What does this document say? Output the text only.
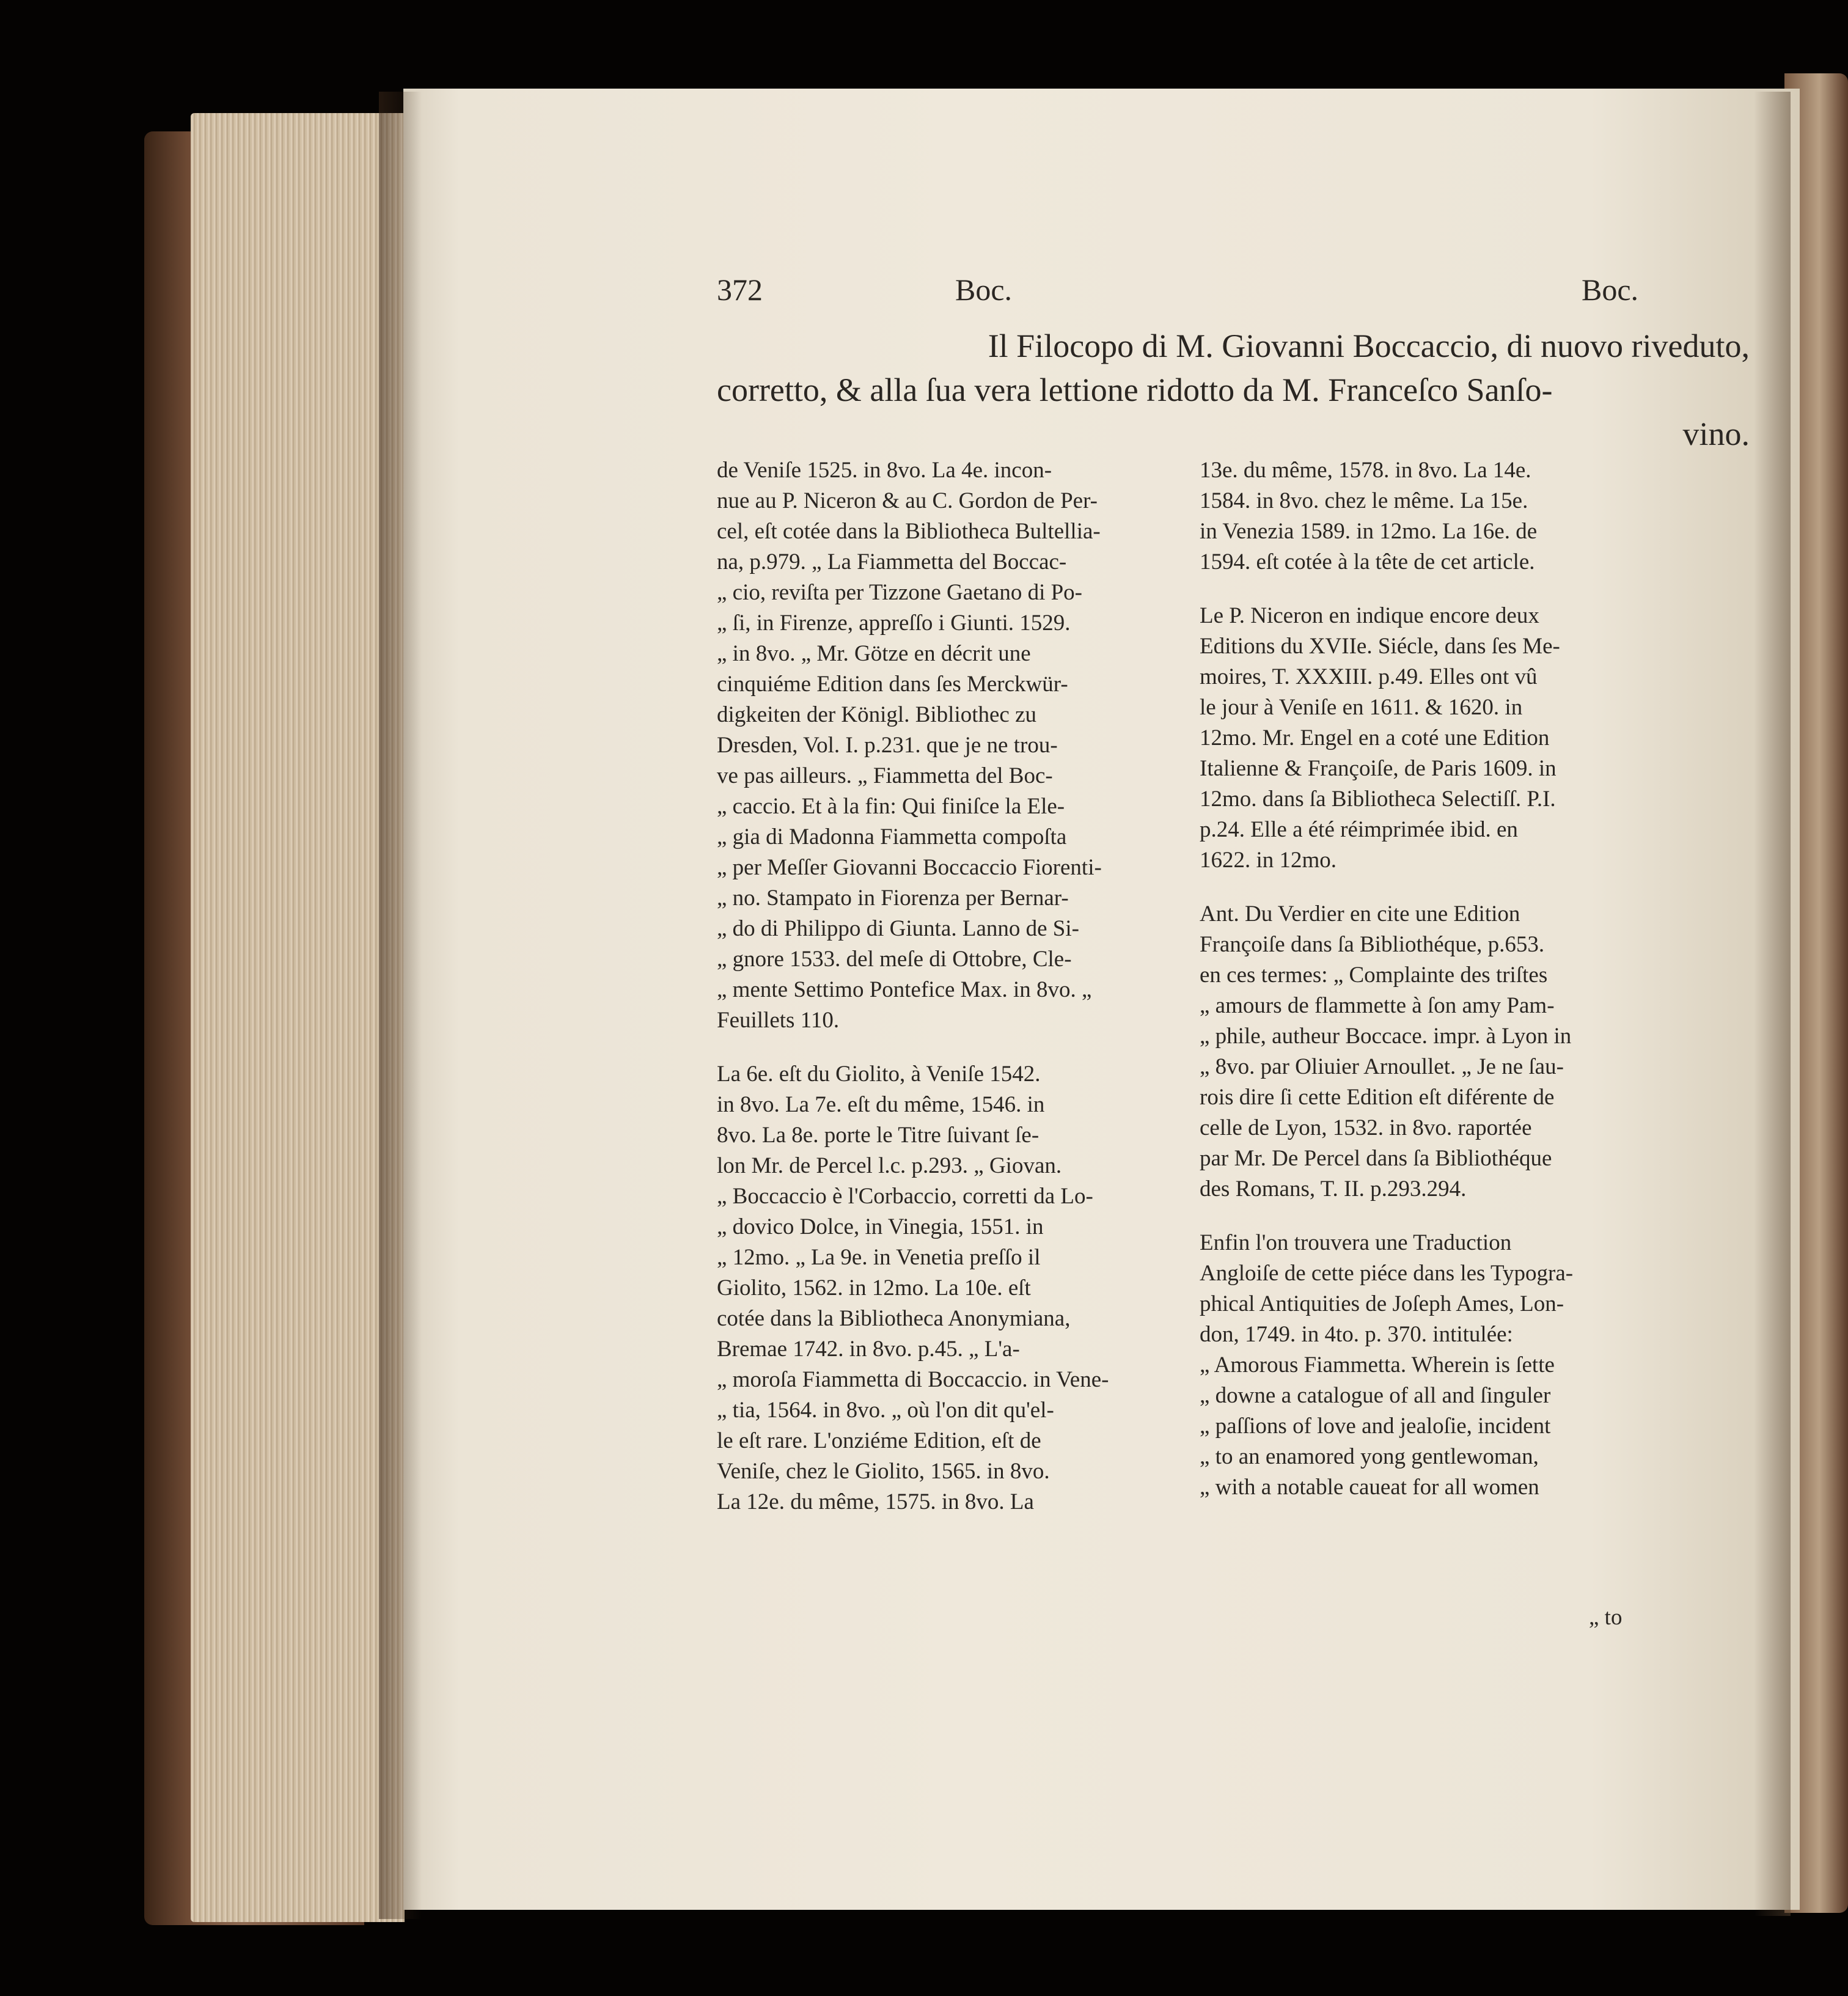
372	Boc.	Boc.
Il Filocopo di M. Giovanni Boccaccio, di nuovo riveduto,
corretto, & alla ſua vera lettione ridotto da M. Franceſco Sanſo-
vino.
de Veniſe 1525. in 8vo. La 4e. incon-
nue au P. Niceron & au C. Gordon de Per-
cel, eſt cotée dans la Bibliotheca Bultellia-
na, p.979. „ La Fiammetta del Boccac-
„ cio, reviſta per Tizzone Gaetano di Po-
„ ſi, in Firenze, appreſſo i Giunti. 1529.
„ in 8vo. „ Mr. Götze en décrit une
cinquiéme Edition dans ſes Merckwür-
digkeiten der Königl. Bibliothec zu
Dresden, Vol. I. p.231. que je ne trou-
ve pas ailleurs. „ Fiammetta del Boc-
„ caccio. Et à la fin: Qui finiſce la Ele-
„ gia di Madonna Fiammetta compoſta
„ per Meſſer Giovanni Boccaccio Fiorenti-
„ no. Stampato in Fiorenza per Bernar-
„ do di Philippo di Giunta. Lanno de Si-
„ gnore 1533. del meſe di Ottobre, Cle-
„ mente Settimo Pontefice Max. in 8vo. „
Feuillets 110.
La 6e. eſt du Giolito, à Veniſe 1542.
in 8vo. La 7e. eſt du même, 1546. in
8vo. La 8e. porte le Titre ſuivant ſe-
lon Mr. de Percel l.c. p.293. „ Giovan.
„ Boccaccio è l'Corbaccio, corretti da Lo-
„ dovico Dolce, in Vinegia, 1551. in
„ 12mo. „ La 9e. in Venetia preſſo il
Giolito, 1562. in 12mo. La 10e. eſt
cotée dans la Bibliotheca Anonymiana,
Bremae 1742. in 8vo. p.45. „ L'a-
„ moroſa Fiammetta di Boccaccio. in Vene-
„ tia, 1564. in 8vo. „ où l'on dit qu'el-
le eſt rare. L'onziéme Edition, eſt de
Veniſe, chez le Giolito, 1565. in 8vo.
La 12e. du même, 1575. in 8vo. La
13e. du même, 1578. in 8vo. La 14e.
1584. in 8vo. chez le même. La 15e.
in Venezia 1589. in 12mo. La 16e. de
1594. eſt cotée à la tête de cet article.
Le P. Niceron en indique encore deux
Editions du XVIIe. Siécle, dans ſes Me-
moires, T. XXXIII. p.49. Elles ont vû
le jour à Veniſe en 1611. & 1620. in
12mo. Mr. Engel en a coté une Edition
Italienne & Françoiſe, de Paris 1609. in
12mo. dans ſa Bibliotheca Selectiſſ. P.I.
p.24. Elle a été réimprimée ibid. en
1622. in 12mo.
Ant. Du Verdier en cite une Edition
Françoiſe dans ſa Bibliothéque, p.653.
en ces termes: „ Complainte des triſtes
„ amours de flammette à ſon amy Pam-
„ phile, autheur Boccace. impr. à Lyon in
„ 8vo. par Oliuier Arnoullet. „ Je ne ſau-
rois dire ſi cette Edition eſt diférente de
celle de Lyon, 1532. in 8vo. raportée
par Mr. De Percel dans ſa Bibliothéque
des Romans, T. II. p.293.294.
Enfin l'on trouvera une Traduction
Angloiſe de cette piéce dans les Typogra-
phical Antiquities de Joſeph Ames, Lon-
don, 1749. in 4to. p. 370. intitulée:
„ Amorous Fiammetta. Wherein is ſette
„ downe a catalogue of all and ſinguler
„ paſſions of love and jealoſie, incident
„ to an enamored yong gentlewoman,
„ with a notable caueat for all women
„ to
